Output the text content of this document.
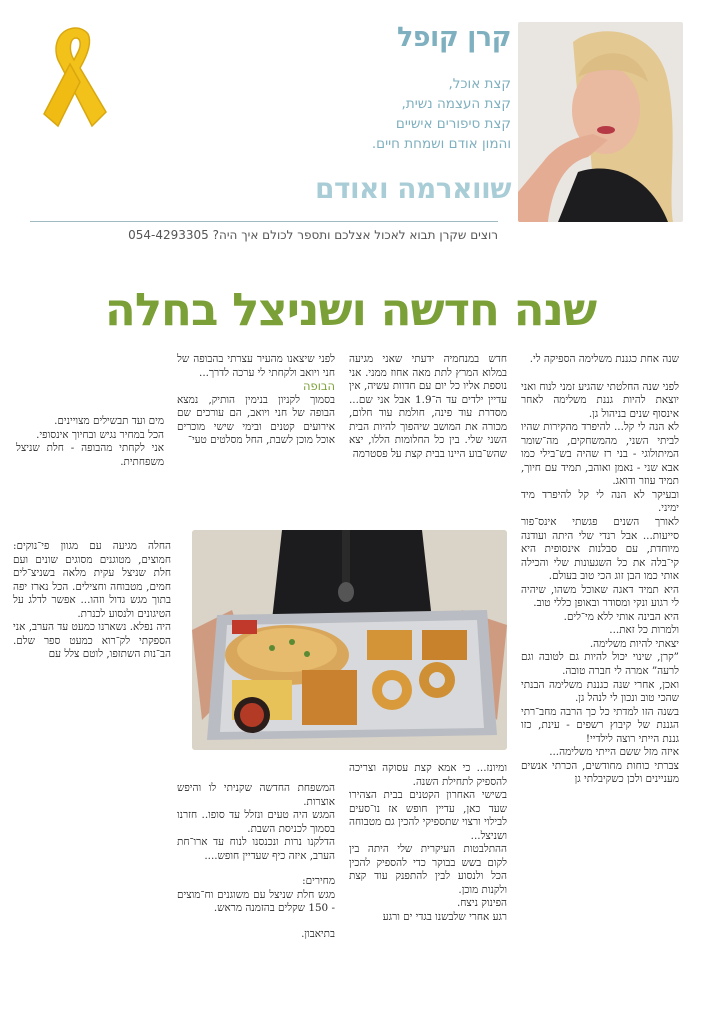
קרן קופל
קצת אוכל,
קצת העצמה נשית,
קצת סיפורים אישיים
והמון אודם ושמחת חיים.
שווארמה ואודם
רוצים שקרן תבוא לאכול אצלכם ותספר לכולם איך היה? 054-4293305
שנה חדשה ושניצל בחלה

שנה אחת כגננת משלימה הספיקה לי.

לפני שנה החלטתי שהגיע זמני לנוח ואני יוצאת להיות גננת משלימה לאחר אינסוף שנים בניהול גן.

לא הנה לי קל... להיפרד מהקירות שהיו לביתי השני, מהמשחקים, מה־שומר המיתולוגי - בני רז שהיה בש־בילי כמו אבא שני - נאמן ואוהב, תמיד עם חיוך, תמיד עוזר ודואג.

ובעיקר לא הנה לי קל להיפרד מיד ימיני.

לאורך השנים פגשתי אינס־פור סייעות... אבל רנדי שלי היתה ועודנה מיוחדת, עם סבלנות אינסופית היא קי־בלה את כל השגעונות שלי והכילה אותי כמו הבן זוג הכי טוב בעולם.

היא תמיד דאגה שאוכל משהו, שיהיה לי רגוע ונקי ומסודר ובאופן כללי טוב.

היא הבינה אותי ללא מי־לים.

ולמרות כל זאת...

יצאתי להיות משלימה.

”קרן, שינוי יכול להיות גם לטובה וגם לרעה” אמרה לי חברה טובה.

ואכן, אחרי שנה כגננת משלימה הבנתי שהכי טוב ונכון לי לנהל גן.

בשנה הזו למדתי כל כך הרבה מחב־רתי הגננת של קיבוץ רשפים - עינת, כזו גננת הייתי רוצה לילדיי!

איזה מזל ששם הייתי משלימה...

צברתי כוחות מחודשים, הכרתי אנשים מעניינים ולכן כשקיבלתי גן

חדש במנחמיה ידעתי שאני מגיעה במלוא המרץ לתת מאה אחוז ממני. אני נוספת אליו כל יום עם חדוות עשיה, אין עדיין ילדים עד ה־1.9 אבל אני שם... מסדרת עוד פינה, חולמת עוד חלום, מכורה את המושב שיהפוך להיות הבית השני שלי. בין כל החלומות הללו, יצא שהש־בוע היינו בבית קצת על פסטרמה

ומיונז... כי אמא קצת עסוקה וצריכה להספיק לתחילת השנה.

בשישי האחרון הקטנים בבית הצהירו שעד כאן, עדיין חופש אז נו־סעים לבילוי ורצוי שתספיקי להכין גם מטבוחה ושניצל...

ההתלבטות העיקרית שלי היתה בין לקום בשש בבוקר כדי להספיק להכין הכל ולנסוע לבין להתפנק עוד קצת ולקנות מוכן.

הפינוק ניצח.

רגע אחרי שלבשנו בגדי ים ורגע

לפני שיצאנו מהעיר עצרתי בהבופה של חני ויואב ולקחתי לי ערכה לדרך...

הבופה

בסמוך לקניון בנימין הותיק, נמצא הבופה של חני ויואב, הם עורכים שם אירועים קטנים ובימי שישי מוכרים אוכל מוכן לשבת, החל מסלטים טעי־

המשפחת החדשה שקניתי לו והיפש אוצרות.

המגש היה טעים ונזלל עד סופו.. חזרנו בסמוך לכניסת השבת.

הדלקנו נרות ונכנסנו לנוח עד ארו־חת הערב, איזה כיף שעדיין חופש....

מחירים:

מגש חלת שניצל עם משוגנים וח־מוצים - 150 שקלים בהזמנה מראש.

בתיאבון.

מים ועד תבשילים מצויינים.

הכל במחיר נגיש ובחיוך אינסופי.

אני לקחתי מהבופה - חלת שניצל משפחתית.

החלה מגיעה עם מגוון פי־נוקים: חמוצים, מטוגנים מסוגים שונים ועם חלת שניצל עקית מלאה בשניצ־לים חמים, מטבוחה וחצילים. הכל נארז יפה בתוך מגש גדול וזהו... אפשר לדלג על הטיגונים ולנסוע לכנרת.

היה נפלא. נשארנו כמעט עד הערב, אני הספקתי לק־רוא כמעט ספר שלם. הב־נות השתזפו, לוטם צלל עם
